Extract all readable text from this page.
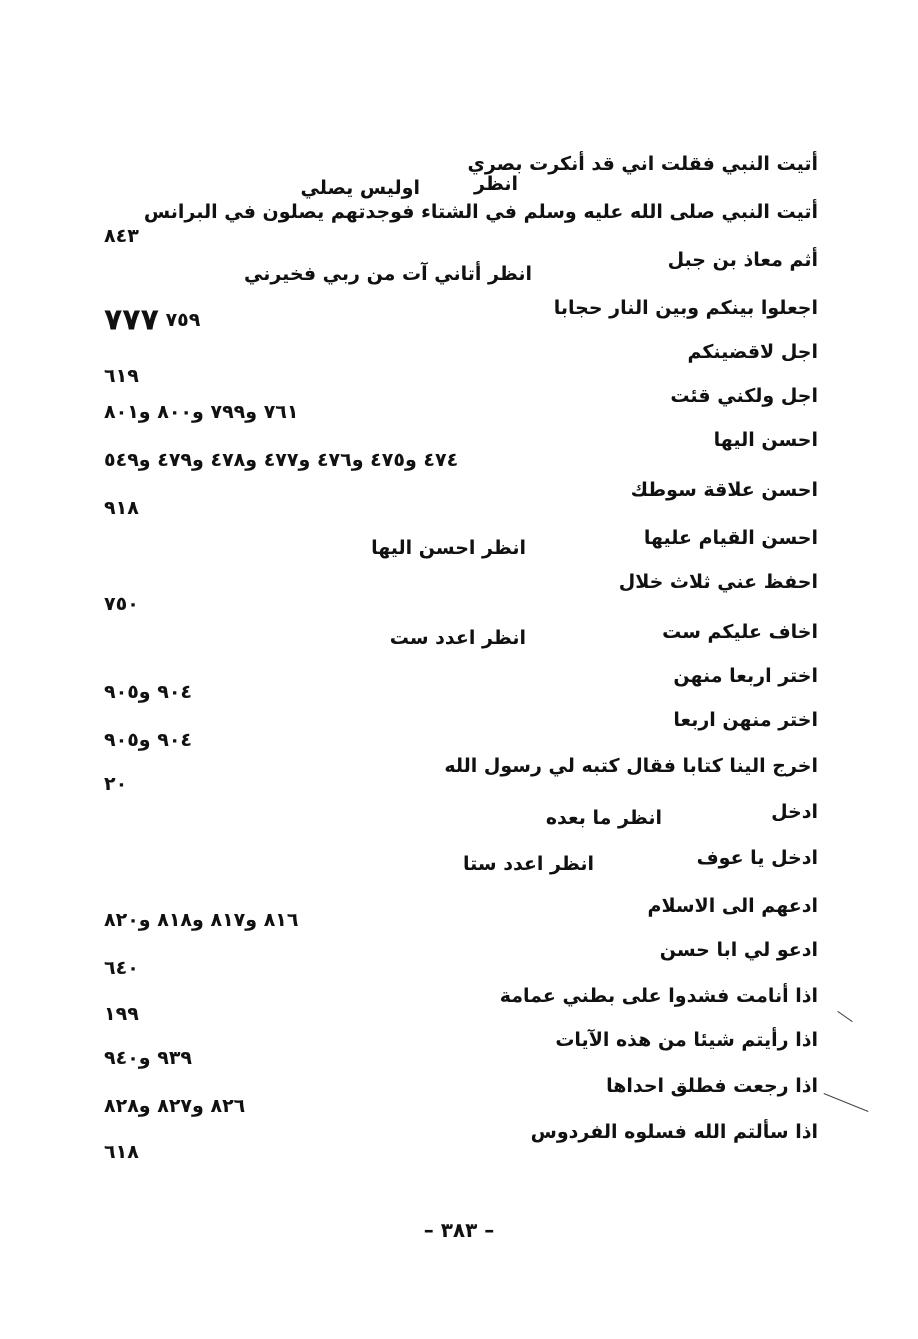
أتيت النبي فقلت اني قد أنكرت بصري
انظر
اوليس يصلي
أتيت النبي صلى الله عليه وسلم في الشتاء فوجدتهم يصلون في البرانس
٨٤٣
أثم معاذ بن جبل
انظر أتاني آت من ربي فخيرني
اجعلوا بينكم وبين النار حجابا
٧٥٩ ٧٧٧
اجل لاقضينكم
٦١٩
اجل ولكني قئت
٧٦١ و٧٩٩ و٨٠٠ و٨٠١
احسن اليها
٤٧٤ و٤٧٥ و٤٧٦ و٤٧٧ و٤٧٨ و٤٧٩ و٥٤٩
احسن علاقة سوطك
٩١٨
احسن القيام عليها
انظر احسن اليها
احفظ عني ثلاث خلال
٧٥٠
اخاف عليكم ست
انظر اعدد ست
اختر اربعا منهن
٩٠٤ و٩٠٥
اختر منهن اربعا
٩٠٤ و٩٠٥
اخرج الينا كتابا فقال كتبه لي رسول الله
٢٠
ادخل
انظر ما بعده
ادخل يا عوف
انظر اعدد ستا
ادعهم الى الاسلام
٨١٦ و٨١٧ و٨١٨ و٨٢٠
ادعو لي ابا حسن
٦٤٠
اذا أنامت فشدوا على بطني عمامة
١٩٩
اذا رأيتم شيئا من هذه الآيات
٩٣٩ و٩٤٠
اذا رجعت فطلق احداها
٨٢٦ و٨٢٧ و٨٢٨
اذا سألتم الله فسلوه الفردوس
٦١٨
– ٣٨٣ –
